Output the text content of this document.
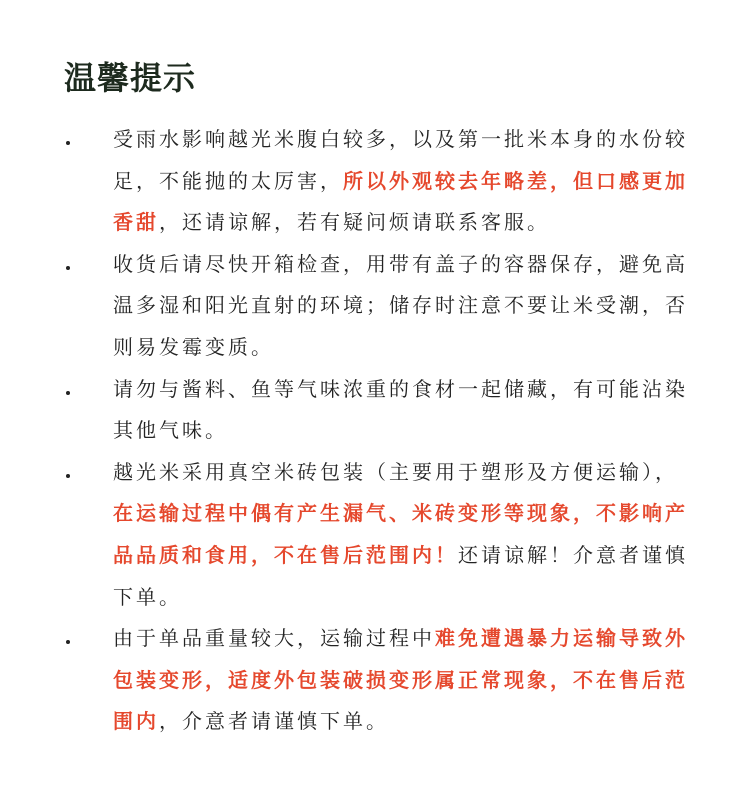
温馨提示

受雨水影响越光米腹白较多，以及第一批米本身的水份较足，不能抛的太厉害，所以外观较去年略差，但口感更加香甜，还请谅解，若有疑问烦请联系客服。

收货后请尽快开箱检查，用带有盖子的容器保存，避免高温多湿和阳光直射的环境；储存时注意不要让米受潮，否则易发霉变质。

请勿与酱料、鱼等气味浓重的食材一起储藏，有可能沾染其他气味。

越光米采用真空米砖包装（主要用于塑形及方便运输），在运输过程中偶有产生漏气、米砖变形等现象，不影响产品品质和食用，不在售后范围内！还请谅解！介意者谨慎下单。

由于单品重量较大，运输过程中难免遭遇暴力运输导致外包装变形，适度外包装破损变形属正常现象，不在售后范围内，介意者请谨慎下单。
